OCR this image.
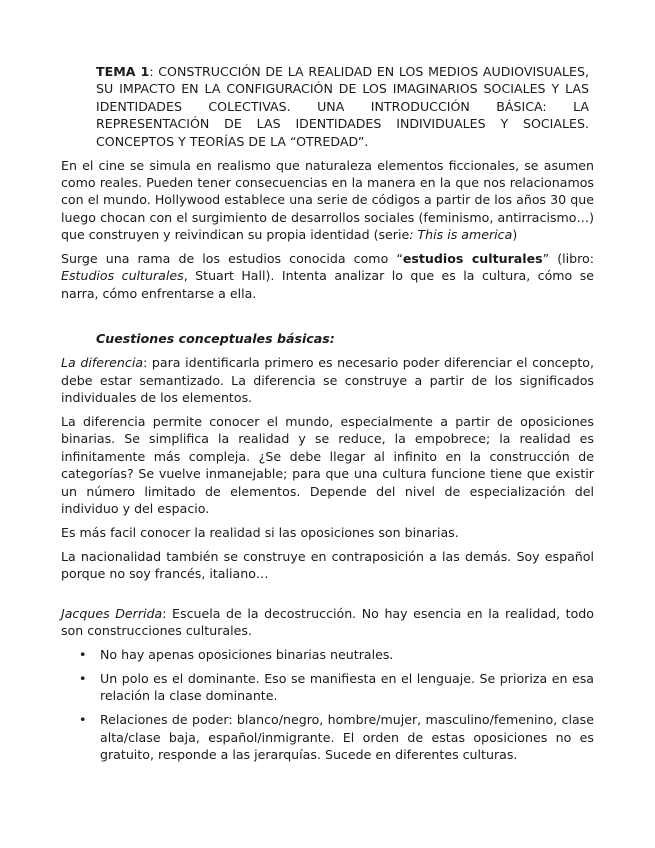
TEMA 1: CONSTRUCCIÓN DE LA REALIDAD EN LOS MEDIOS AUDIOVISUALES, SU IMPACTO EN LA CONFIGURACIÓN DE LOS IMAGINARIOS SOCIALES Y LAS IDENTIDADES COLECTIVAS. UNA INTRODUCCIÓN BÁSICA: LA REPRESENTACIÓN DE LAS IDENTIDADES INDIVIDUALES Y SOCIALES. CONCEPTOS Y TEORÍAS DE LA “OTREDAD”.

En el cine se simula en realismo que naturaleza elementos ficcionales, se asumen como reales. Pueden tener consecuencias en la manera en la que nos relacionamos con el mundo. Hollywood establece una serie de códigos a partir de los años 30 que luego chocan con el surgimiento de desarrollos sociales (feminismo, antirracismo…) que construyen y reivindican su propia identidad (serie: This is america)

Surge una rama de los estudios conocida como “estudios culturales” (libro: Estudios culturales, Stuart Hall). Intenta analizar lo que es la cultura, cómo se narra, cómo enfrentarse a ella.

Cuestiones conceptuales básicas:

La diferencia: para identificarla primero es necesario poder diferenciar el concepto, debe estar semantizado. La diferencia se construye a partir de los significados individuales de los elementos.

La diferencia permite conocer el mundo, especialmente a partir de oposiciones binarias. Se simplifica la realidad y se reduce, la empobrece; la realidad es infinitamente más compleja. ¿Se debe llegar al infinito en la construcción de categorías? Se vuelve inmanejable; para que una cultura funcione tiene que existir un número limitado de elementos. Depende del nivel de especialización del individuo y del espacio.

Es más facil conocer la realidad si las oposiciones son binarias.

La nacionalidad también se construye en contraposición a las demás. Soy español porque no soy francés, italiano…

Jacques Derrida: Escuela de la decostrucción. No hay esencia en la realidad, todo son construcciones culturales.

• No hay apenas oposiciones binarias neutrales.
• Un polo es el dominante. Eso se manifiesta en el lenguaje. Se prioriza en esa relación la clase dominante.
• Relaciones de poder: blanco/negro, hombre/mujer, masculino/femenino, clase alta/clase baja, español/inmigrante. El orden de estas oposiciones no es gratuito, responde a las jerarquías. Sucede en diferentes culturas.
